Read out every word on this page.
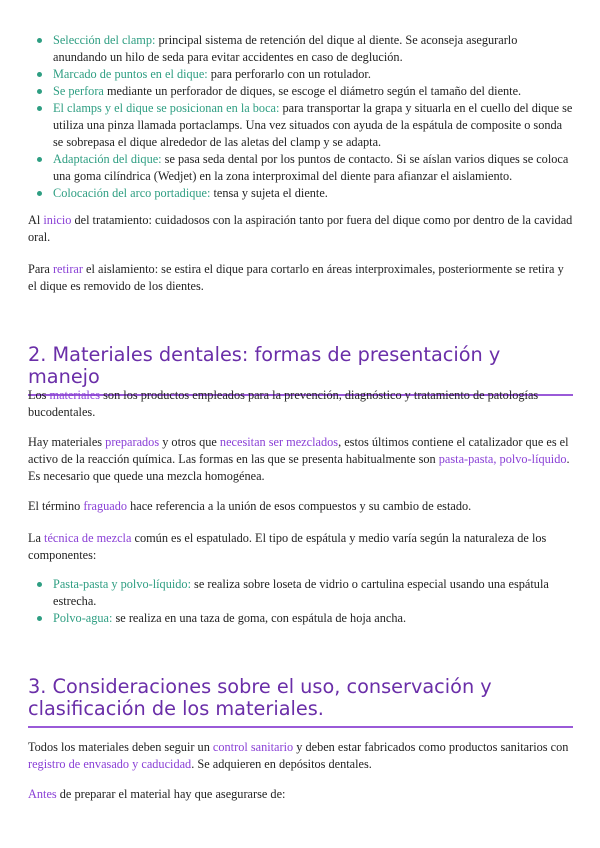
Selección del clamp: principal sistema de retención del dique al diente. Se aconseja asegurarlo anundando un hilo de seda para evitar accidentes en caso de deglución.
Marcado de puntos en el dique: para perforarlo con un rotulador.
Se perfora mediante un perforador de diques, se escoge el diámetro según el tamaño del diente.
El clamps y el dique se posicionan en la boca: para transportar la grapa y situarla en el cuello del dique se utiliza una pinza llamada portaclamps. Una vez situados con ayuda de la espátula de composite o sonda se sobrepasa el dique alrededor de las aletas del clamp y se adapta.
Adaptación del dique: se pasa seda dental por los puntos de contacto. Si se aíslan varios diques se coloca una goma cilíndrica (Wedjet) en la zona interproximal del diente para afianzar el aislamiento.
Colocación del arco portadique: tensa y sujeta el diente.

Al inicio del tratamiento: cuidadosos con la aspiración tanto por fuera del dique como por dentro de la cavidad oral.

Para retirar el aislamiento: se estira el dique para cortarlo en áreas interproximales, posteriormente se retira y el dique es removido de los dientes.

2. Materiales dentales: formas de presentación y manejo

Los materiales son los productos empleados para la prevención, diagnóstico y tratamiento de patologías bucodentales.

Hay materiales preparados y otros que necesitan ser mezclados, estos últimos contiene el catalizador que es el activo de la reacción química. Las formas en las que se presenta habitualmente son pasta-pasta, polvo-líquido. Es necesario que quede una mezcla homogénea.

El término fraguado hace referencia a la unión de esos compuestos y su cambio de estado.

La técnica de mezcla común es el espatulado. El tipo de espátula y medio varía según la naturaleza de los componentes:

Pasta-pasta y polvo-líquido: se realiza sobre loseta de vidrio o cartulina especial usando una espátula estrecha.
Polvo-agua: se realiza en una taza de goma, con espátula de hoja ancha.
3. Consideraciones sobre el uso, conservación y clasificación de los materiales.

Todos los materiales deben seguir un control sanitario y deben estar fabricados como productos sanitarios con registro de envasado y caducidad. Se adquieren en depósitos dentales.

Antes de preparar el material hay que asegurarse de:
